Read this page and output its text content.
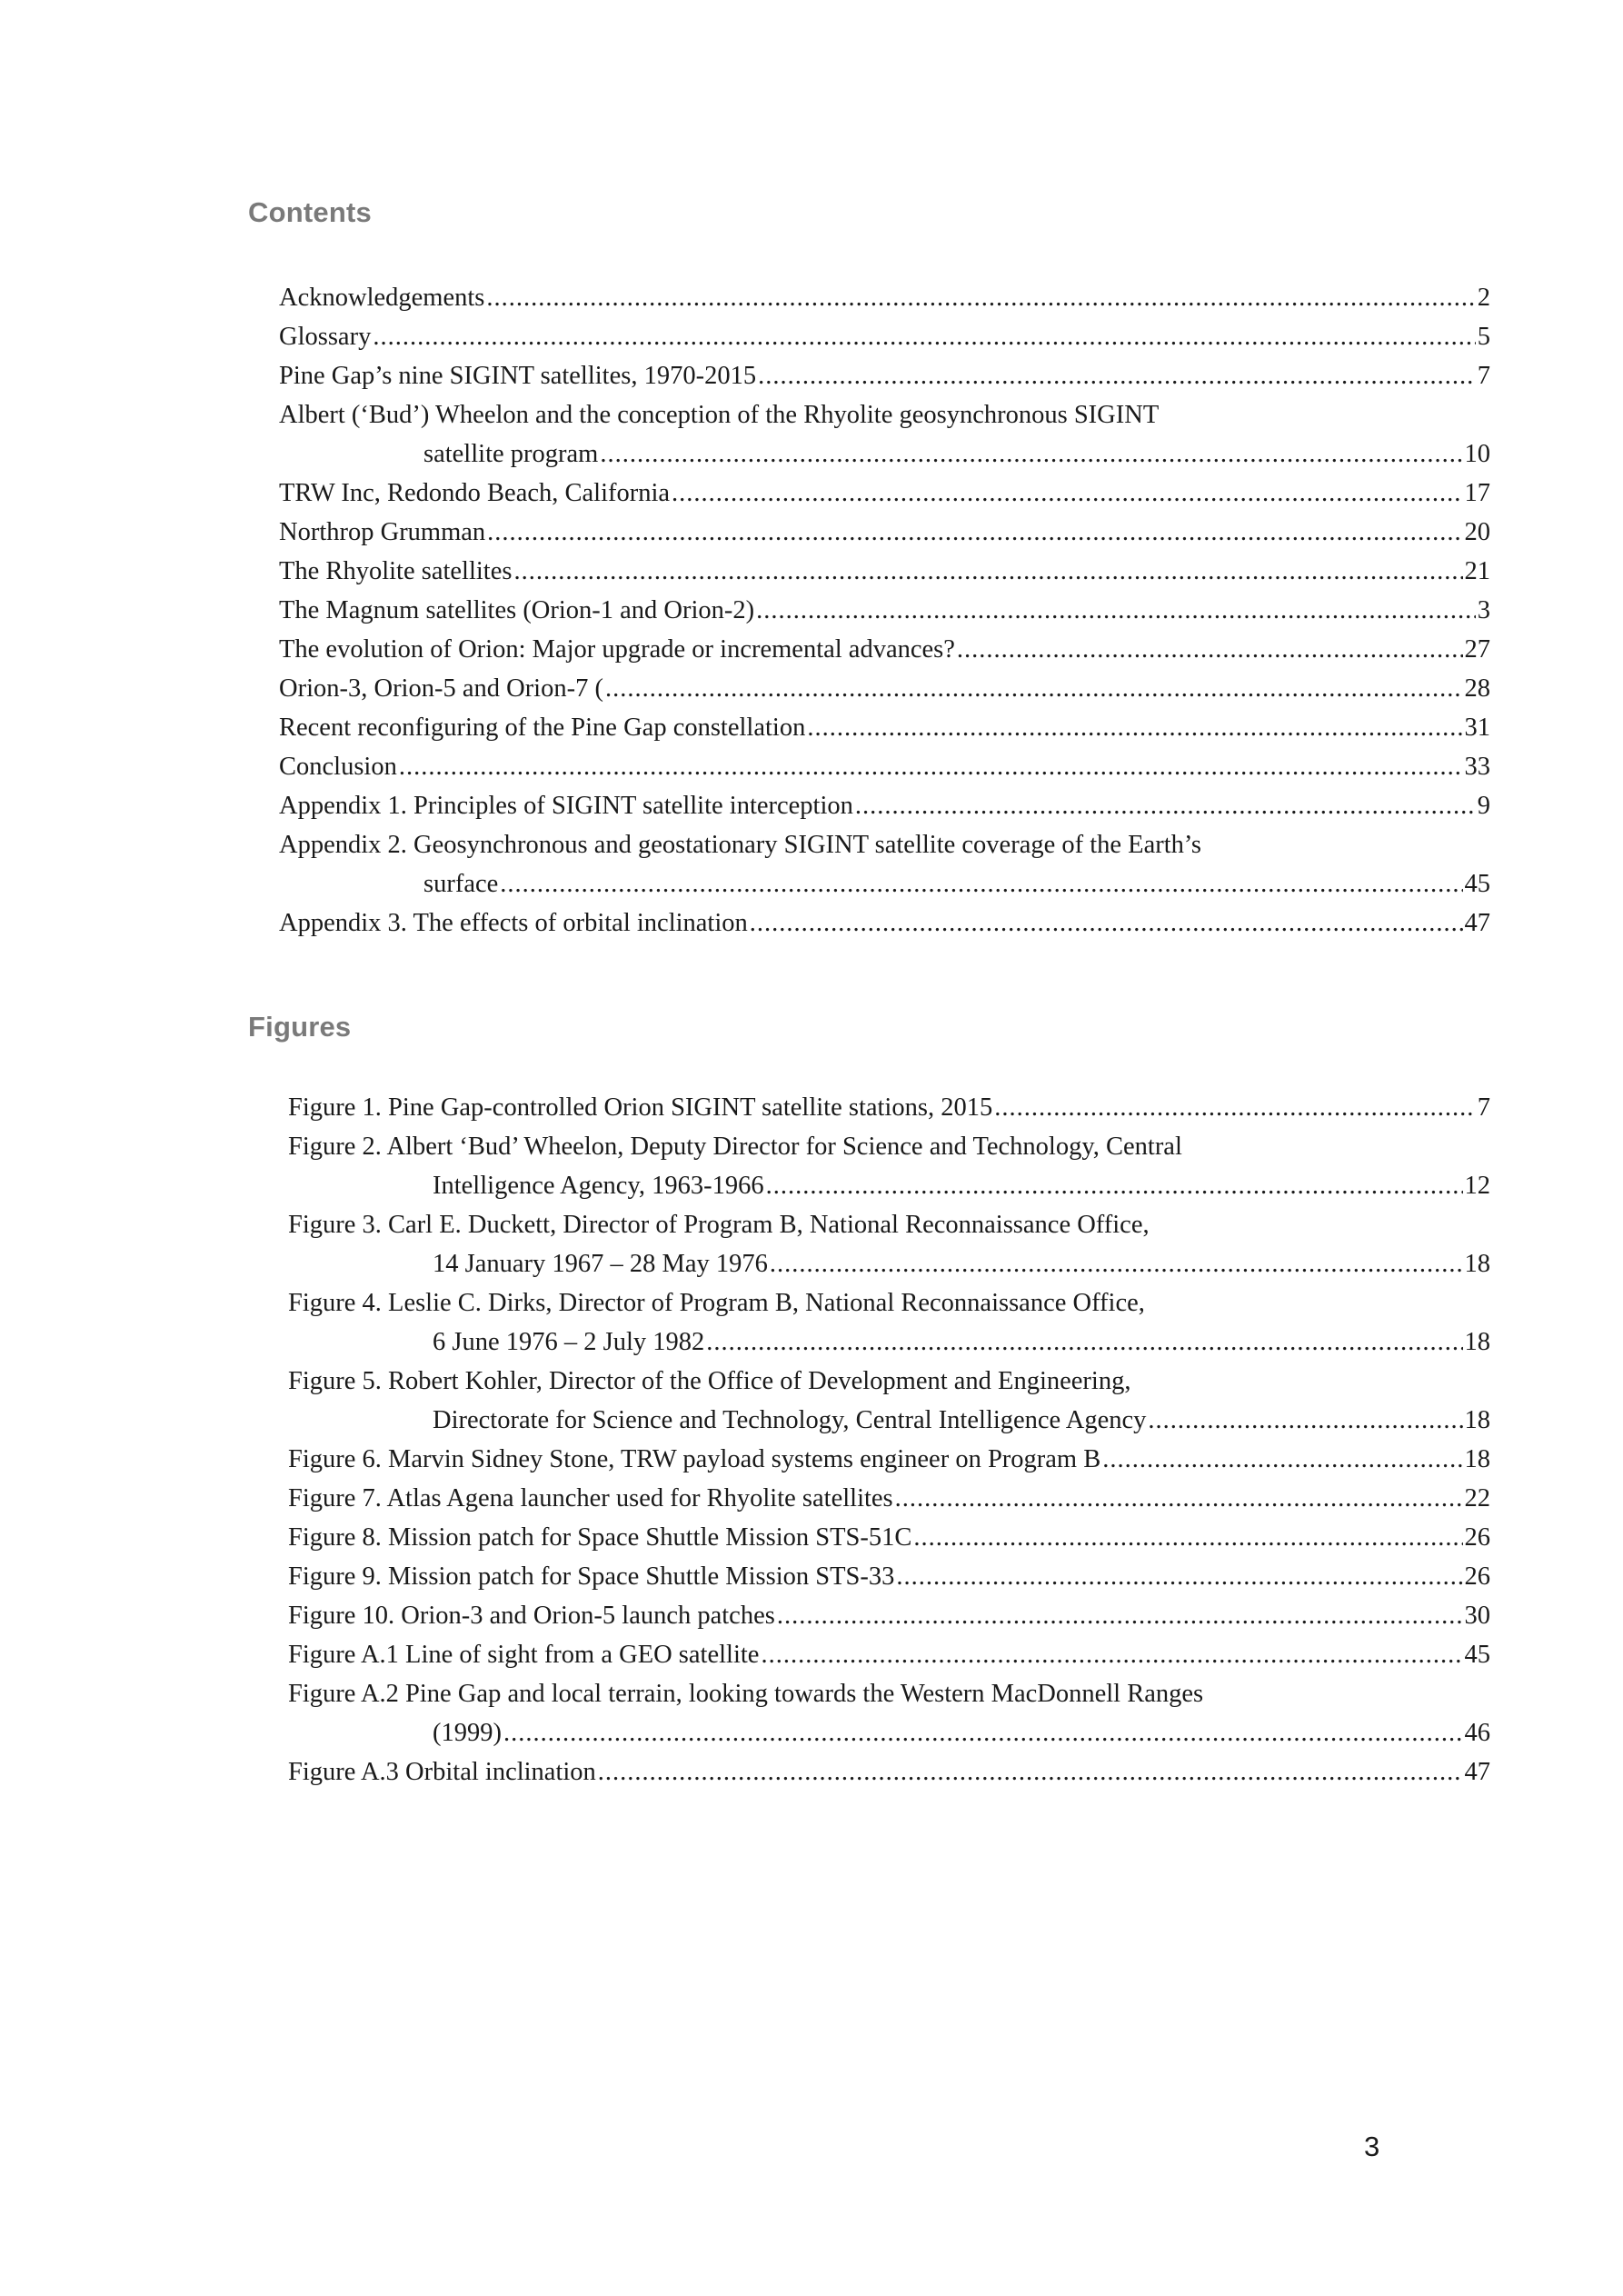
Contents
Acknowledgements .....	2
Glossary .....	5
Pine Gap’s nine SIGINT satellites, 1970-2015 .....	7
Albert (‘Bud’) Wheelon and the conception of the Rhyolite geosynchronous SIGINT
satellite program .....	10
TRW Inc, Redondo Beach, California .....	17
Northrop Grumman .....	20
The Rhyolite satellites .....	21
The Magnum satellites (Orion-1 and Orion-2) .....	3
The evolution of Orion: Major upgrade or incremental advances? .....	27
Orion-3, Orion-5 and Orion-7 ( .....	28
Recent reconfiguring of the Pine Gap constellation .....	31
Conclusion .....	33
Appendix 1. Principles of SIGINT satellite interception .....	9
Appendix 2. Geosynchronous and geostationary SIGINT satellite coverage of the Earth’s
surface .....	45
Appendix 3. The effects of orbital inclination .....	47
Figures
Figure 1. Pine Gap-controlled Orion SIGINT satellite stations, 2015 .....	7
Figure 2. Albert ‘Bud’ Wheelon, Deputy Director for Science and Technology, Central
Intelligence Agency, 1963-1966 .....	12
Figure 3. Carl E. Duckett, Director of Program B, National Reconnaissance Office,
14 January 1967 – 28 May 1976 .....	18
Figure 4. Leslie C. Dirks, Director of Program B, National Reconnaissance Office,
6 June 1976 – 2 July 1982 .....	18
Figure 5. Robert Kohler, Director of the Office of Development and Engineering,
Directorate for Science and Technology, Central Intelligence Agency .....	18
Figure 6. Marvin Sidney Stone, TRW payload systems engineer on Program B .....	18
Figure 7. Atlas Agena launcher used for Rhyolite satellites .....	22
Figure 8. Mission patch for Space Shuttle Mission STS-51C .....	26
Figure 9. Mission patch for Space Shuttle Mission STS-33 .....	26
Figure 10. Orion-3 and Orion-5 launch patches .....	30
Figure A.1 Line of sight from a GEO satellite .....	45
Figure A.2 Pine Gap and local terrain, looking towards the Western MacDonnell Ranges
(1999) .....	46
Figure A.3 Orbital inclination .....	47
3
